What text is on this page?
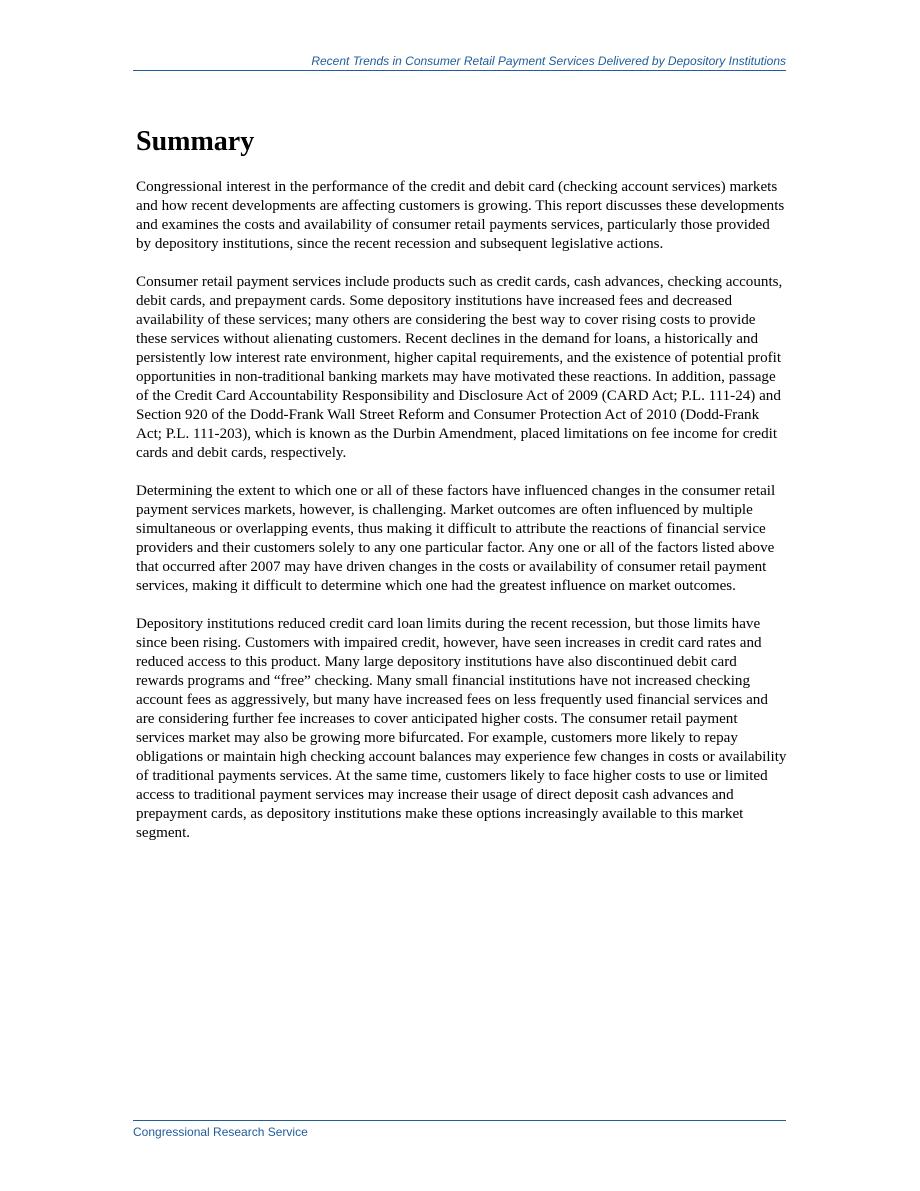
Recent Trends in Consumer Retail Payment Services Delivered by Depository Institutions
Summary

Congressional interest in the performance of the credit and debit card (checking account services) markets and how recent developments are affecting customers is growing. This report discusses these developments and examines the costs and availability of consumer retail payments services, particularly those provided by depository institutions, since the recent recession and subsequent legislative actions.

Consumer retail payment services include products such as credit cards, cash advances, checking accounts, debit cards, and prepayment cards. Some depository institutions have increased fees and decreased availability of these services; many others are considering the best way to cover rising costs to provide these services without alienating customers. Recent declines in the demand for loans, a historically and persistently low interest rate environment, higher capital requirements, and the existence of potential profit opportunities in non-traditional banking markets may have motivated these reactions. In addition, passage of the Credit Card Accountability Responsibility and Disclosure Act of 2009 (CARD Act; P.L. 111-24) and Section 920 of the Dodd-Frank Wall Street Reform and Consumer Protection Act of 2010 (Dodd-Frank Act; P.L. 111-203), which is known as the Durbin Amendment, placed limitations on fee income for credit cards and debit cards, respectively.

Determining the extent to which one or all of these factors have influenced changes in the consumer retail payment services markets, however, is challenging. Market outcomes are often influenced by multiple simultaneous or overlapping events, thus making it difficult to attribute the reactions of financial service providers and their customers solely to any one particular factor. Any one or all of the factors listed above that occurred after 2007 may have driven changes in the costs or availability of consumer retail payment services, making it difficult to determine which one had the greatest influence on market outcomes.

Depository institutions reduced credit card loan limits during the recent recession, but those limits have since been rising. Customers with impaired credit, however, have seen increases in credit card rates and reduced access to this product. Many large depository institutions have also discontinued debit card rewards programs and “free” checking. Many small financial institutions have not increased checking account fees as aggressively, but many have increased fees on less frequently used financial services and are considering further fee increases to cover anticipated higher costs. The consumer retail payment services market may also be growing more bifurcated. For example, customers more likely to repay obligations or maintain high checking account balances may experience few changes in costs or availability of traditional payments services. At the same time, customers likely to face higher costs to use or limited access to traditional payment services may increase their usage of direct deposit cash advances and prepayment cards, as depository institutions make these options increasingly available to this market segment.

Congressional Research Service
